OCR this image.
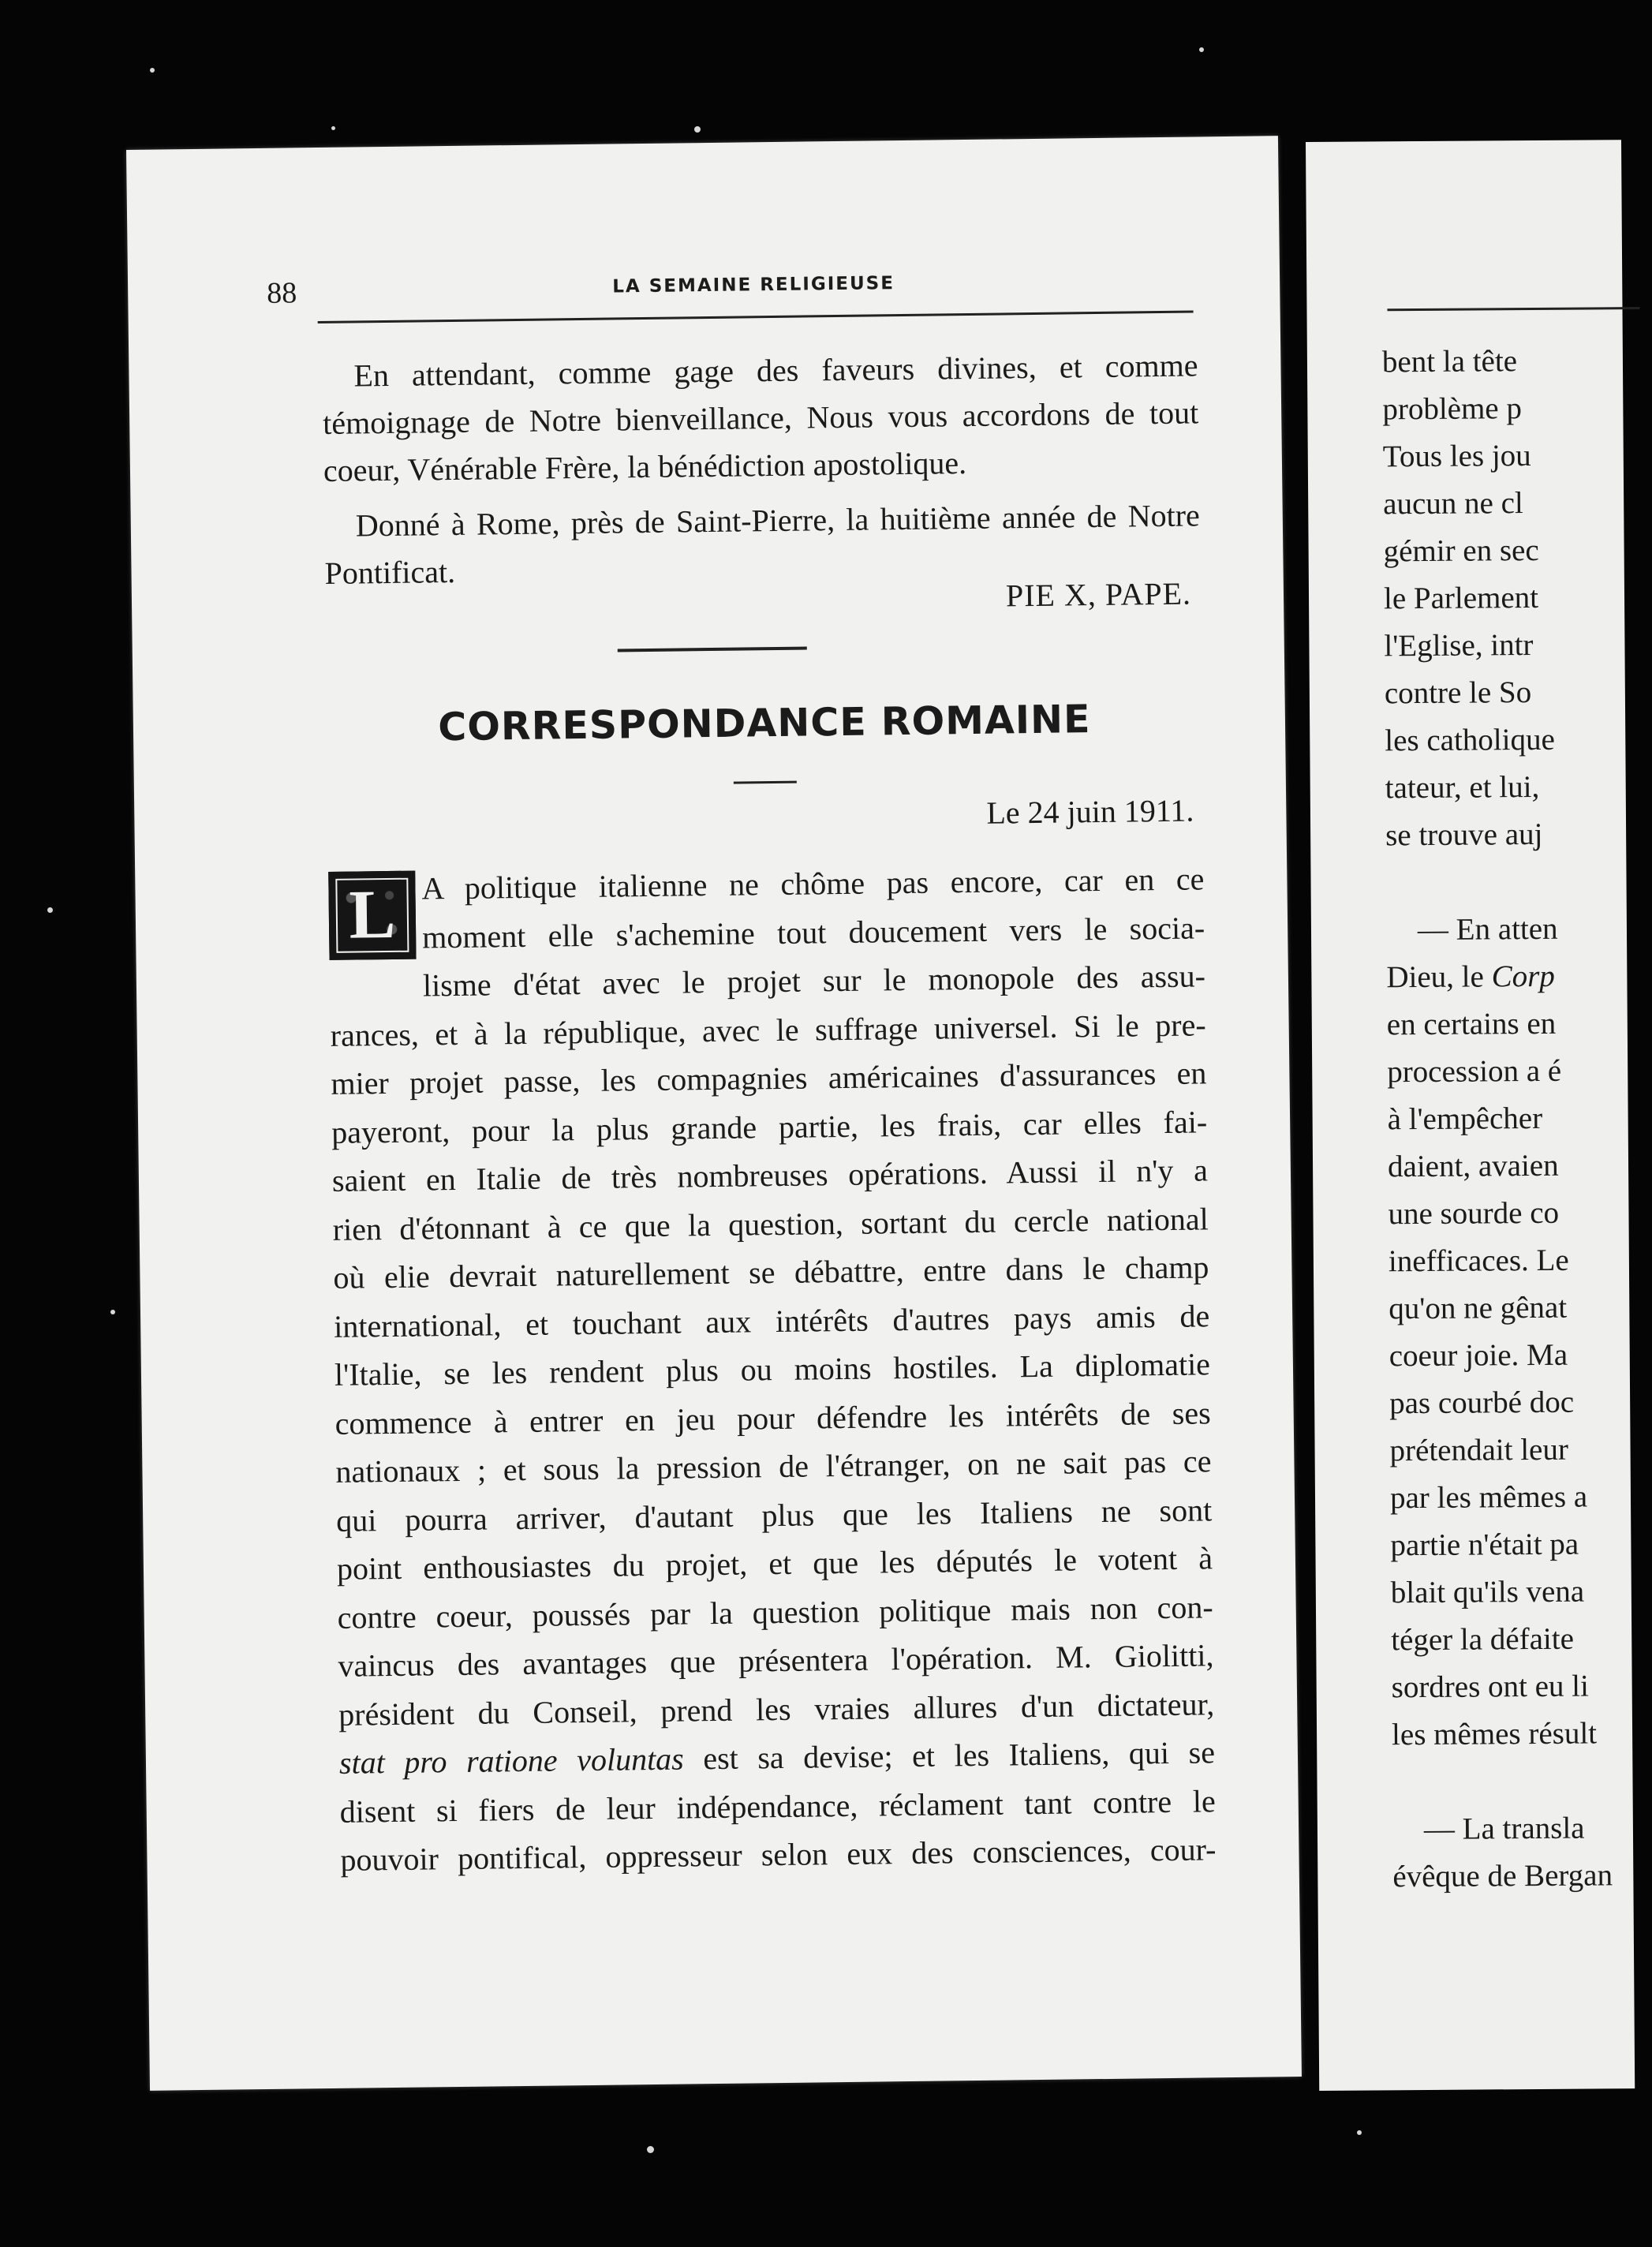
88	LA SEMAINE RELIGIEUSE

En attendant, comme gage des faveurs divines, et comme témoignage de Notre bienveillance, Nous vous accordons de tout coeur, Vénérable Frère, la bénédiction apostolique.

Donné à Rome, près de Saint-Pierre, la huitième année de Notre Pontificat.

PIE X, PAPE.
CORRESPONDANCE ROMAINE
Le 24 juin 1911.
L A politique italienne ne chôme pas encore, car en ce
moment elle s'achemine tout doucement vers le socia-
lisme d'état avec le projet sur le monopole des assu-
rances, et à la république, avec le suffrage universel. Si le pre-
mier projet passe, les compagnies américaines d'assurances en
payeront, pour la plus grande partie, les frais, car elles fai-
saient en Italie de très nombreuses opérations. Aussi il n'y a
rien d'étonnant à ce que la question, sortant du cercle national
où elie devrait naturellement se débattre, entre dans le champ
international, et touchant aux intérêts d'autres pays amis de
l'Italie, se les rendent plus ou moins hostiles. La diplomatie
commence à entrer en jeu pour défendre les intérêts de ses
nationaux ; et sous la pression de l'étranger, on ne sait pas ce
qui pourra arriver, d'autant plus que les Italiens ne sont
point enthousiastes du projet, et que les députés le votent à
contre coeur, poussés par la question politique mais non con-
vaincus des avantages que présentera l'opération. M. Giolitti,
président du Conseil, prend les vraies allures d'un dictateur,
stat pro ratione voluntas est sa devise; et les Italiens, qui se
disent si fiers de leur indépendance, réclament tant contre le
pouvoir pontifical, oppresseur selon eux des consciences, cour-
bent la tête
problème p
Tous les jou
aucun ne cl
gémir en sec
le Parlement
l'Eglise, intr
contre le So
les catholique
tateur, et lui,
se trouve auj
— En atten
Dieu, le Corp
en certains en
procession a é
à l'empêcher
daient, avaien
une sourde co
inefficaces. Le
qu'on ne gênat
coeur joie. Ma
pas courbé doc
prétendait leur
par les mêmes a
partie n'était pa
blait qu'ils vena
téger la défaite
sordres ont eu li
les mêmes résult
— La transla
évêque de Bergan
